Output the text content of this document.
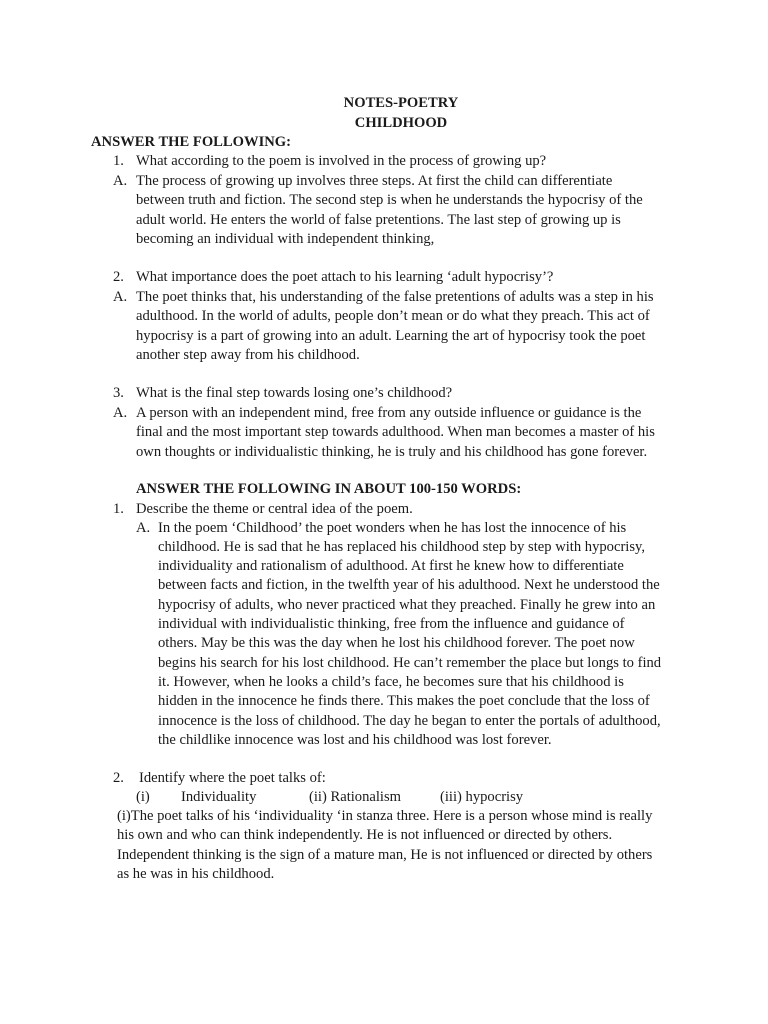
NOTES-POETRY
CHILDHOOD
ANSWER THE FOLLOWING:
1. What according to the poem is involved in the process of growing up?
A. The process of growing up involves three steps. At first the child can differentiate
between truth and fiction. The second step is when he understands the hypocrisy of the
adult world. He enters the world of false pretentions. The last step of growing up is
becoming an individual with independent thinking,
2. What importance does the poet attach to his learning ‘adult hypocrisy’?
A. The poet thinks that, his understanding of the false pretentions of adults was a step in his
adulthood. In the world of adults, people don’t mean or do what they preach. This act of
hypocrisy is a part of growing into an adult. Learning the art of hypocrisy took the poet
another step away from his childhood.
3. What is the final step towards losing one’s childhood?
A. A person with an independent mind, free from any outside influence or guidance is the
final and the most important step towards adulthood. When man becomes a master of his
own thoughts or individualistic thinking, he is truly and his childhood has gone forever.
ANSWER THE FOLLOWING IN ABOUT 100-150 WORDS:
1. Describe the theme or central idea of the poem.
A. In the poem ‘Childhood’ the poet wonders when he has lost the innocence of his
childhood. He is sad that he has replaced his childhood step by step with hypocrisy,
individuality and rationalism of adulthood. At first he knew how to differentiate
between facts and fiction, in the twelfth year of his adulthood. Next he understood the
hypocrisy of adults, who never practiced what they preached. Finally he grew into an
individual with individualistic thinking, free from the influence and guidance of
others. May be this was the day when he lost his childhood forever. The poet now
begins his search for his lost childhood. He can’t remember the place but longs to find
it. However, when he looks a child’s face, he becomes sure that his childhood is
hidden in the innocence he finds there. This makes the poet conclude that the loss of
innocence is the loss of childhood. The day he began to enter the portals of adulthood,
the childlike innocence was lost and his childhood was lost forever.
2. Identify where the poet talks of:
(i) Individuality	(ii) Rationalism	(iii) hypocrisy
(i)The poet talks of his ‘individuality ‘in stanza three. Here is a person whose mind is really
his own and who can think independently. He is not influenced or directed by others.
Independent thinking is the sign of a mature man, He is not influenced or directed by others
as he was in his childhood.
